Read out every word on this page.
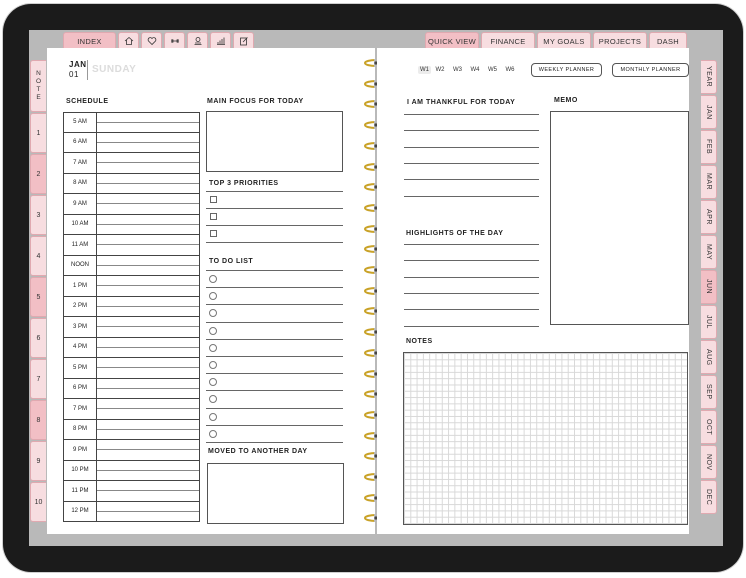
INDEX	QUICK VIEW FINANCE MY GOALS PROJECTS DASH
NOTE
1
2
3
4
5
6
7
8
9
10
YEAR
JAN
FEB
MAR
APR
MAY
JUN
JUL
AUG
SEP
OCT
NOV
DEC
JAN
01 SUNDAY
SCHEDULE
5 AM
6 AM
7 AM
8 AM
9 AM
10 AM
11 AM
NOON
1 PM
2 PM
3 PM
4 PM
5 PM
6 PM
7 PM
8 PM
9 PM
10 PM
11 PM
12 PM
MAIN FOCUS FOR TODAY
TOP 3 PRIORITIES
TO DO LIST
MOVED TO ANOTHER DAY
W1	W2 W3 W4 W5 W6	WEEKLY PLANNER	MONTHLY PLANNER
I AM THANKFUL FOR TODAY	MEMO
HIGHLIGHTS OF THE DAY
NOTES
